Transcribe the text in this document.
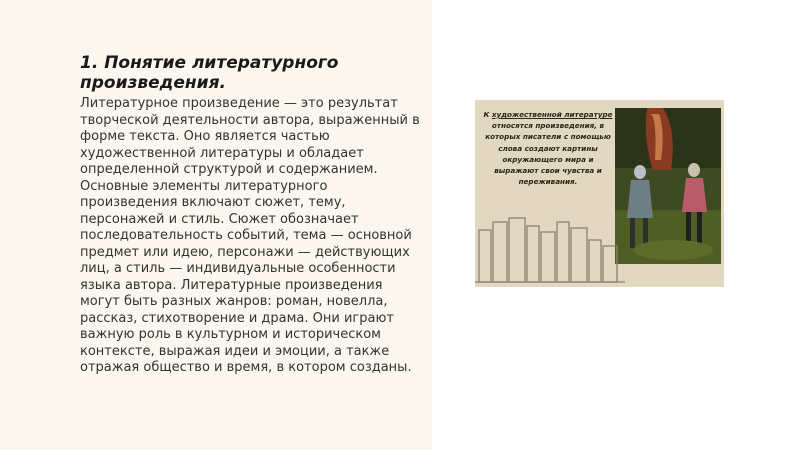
1. Понятие литературного произведения.
Литературное произведение — это результат творческой деятельности автора, выраженный в форме текста. Оно является частью художественной литературы и обладает определенной структурой и содержанием. Основные элементы литературного произведения включают сюжет, тему, персонажей и стиль. Сюжет обозначает последовательность событий, тема — основной предмет или идею, персонажи — действующих лиц, а стиль — индивидуальные особенности языка автора. Литературные произведения могут быть разных жанров: роман, новелла, рассказ, стихотворение и драма. Они играют важную роль в культурном и историческом контексте, выражая идеи и эмоции, а также отражая общество и время, в котором созданы.
К художественной литературе относятся произведения, в которых писатели с помощью слова создают картины окружающего мира и выражают свои чувства и переживания.
